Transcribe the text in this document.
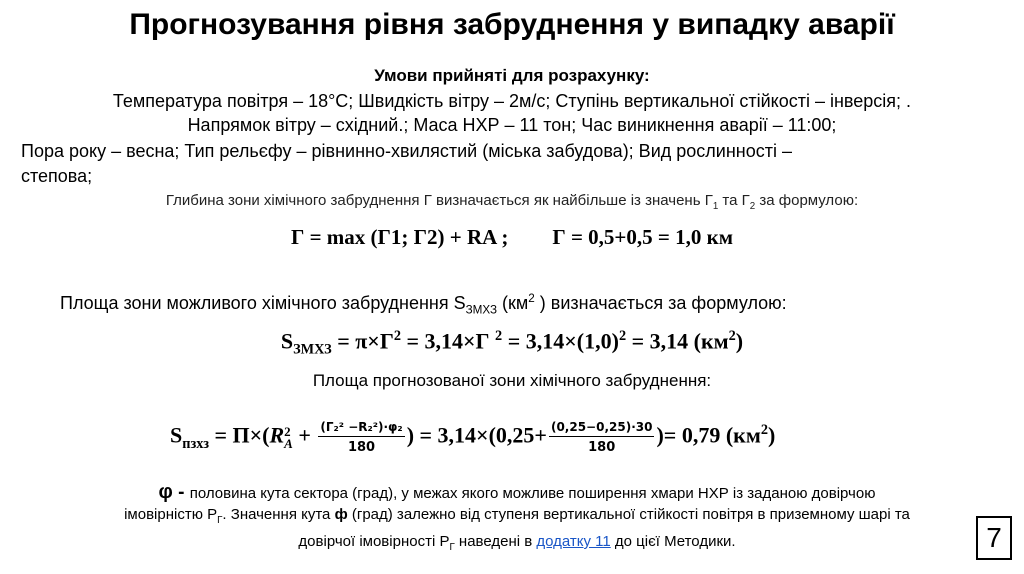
Прогнозування рівня забруднення у випадку аварії
Умови прийняті для розрахунку:
Температура повітря – 18°С; Швидкість вітру – 2м/с; Ступінь вертикальної стійкості – інверсія; .
Напрямок вітру – східний.; Маса НХР – 11 тон; Час виникнення аварії – 11:00;
Пора року – весна; Тип рельєфу – рівнинно-хвилястий (міська забудова); Вид рослинності –
степова;
Глибина зони хімічного забруднення Г визначається як найбільше із значень $Г_1$ та $Г_2$ за формулою:
Г = max (Г1; Г2) + RA ; Г = 0,5+0,5 = 1,0 км
Площа зони можливого хімічного забруднення $S_{ЗМХЗ}$ ($км^2$ ) визначається за формулою:
$S_{ЗМХЗ} = \pi\times Г^2 = 3,14\times Г$ $^2 = 3,14\times(1,0)^2 = 3,14$ $(км^2)$
Площа прогнозованої зони хімічного забруднення:
$S_{пзхз} = П\times(R$ 2
$A + \frac{\text{(Г₂² −R₂²)·φ₂}}{180}$ ) = $3,14\times(0,25+ \frac{(0,25-0,25)\cdot 30}{180}$ )= 0,79 $(км^2)$
φ - половина кута сектора (град), у межах якого можливе поширення хмари НХР із заданою довірчою імовірністю $Р_Г$. Значення кута ф (град) залежно від ступеня вертикальної стійкості повітря в приземному шарі та довірчої імовірності $Р_Г$ наведені в додатку 11 до цієї Методики.	7
